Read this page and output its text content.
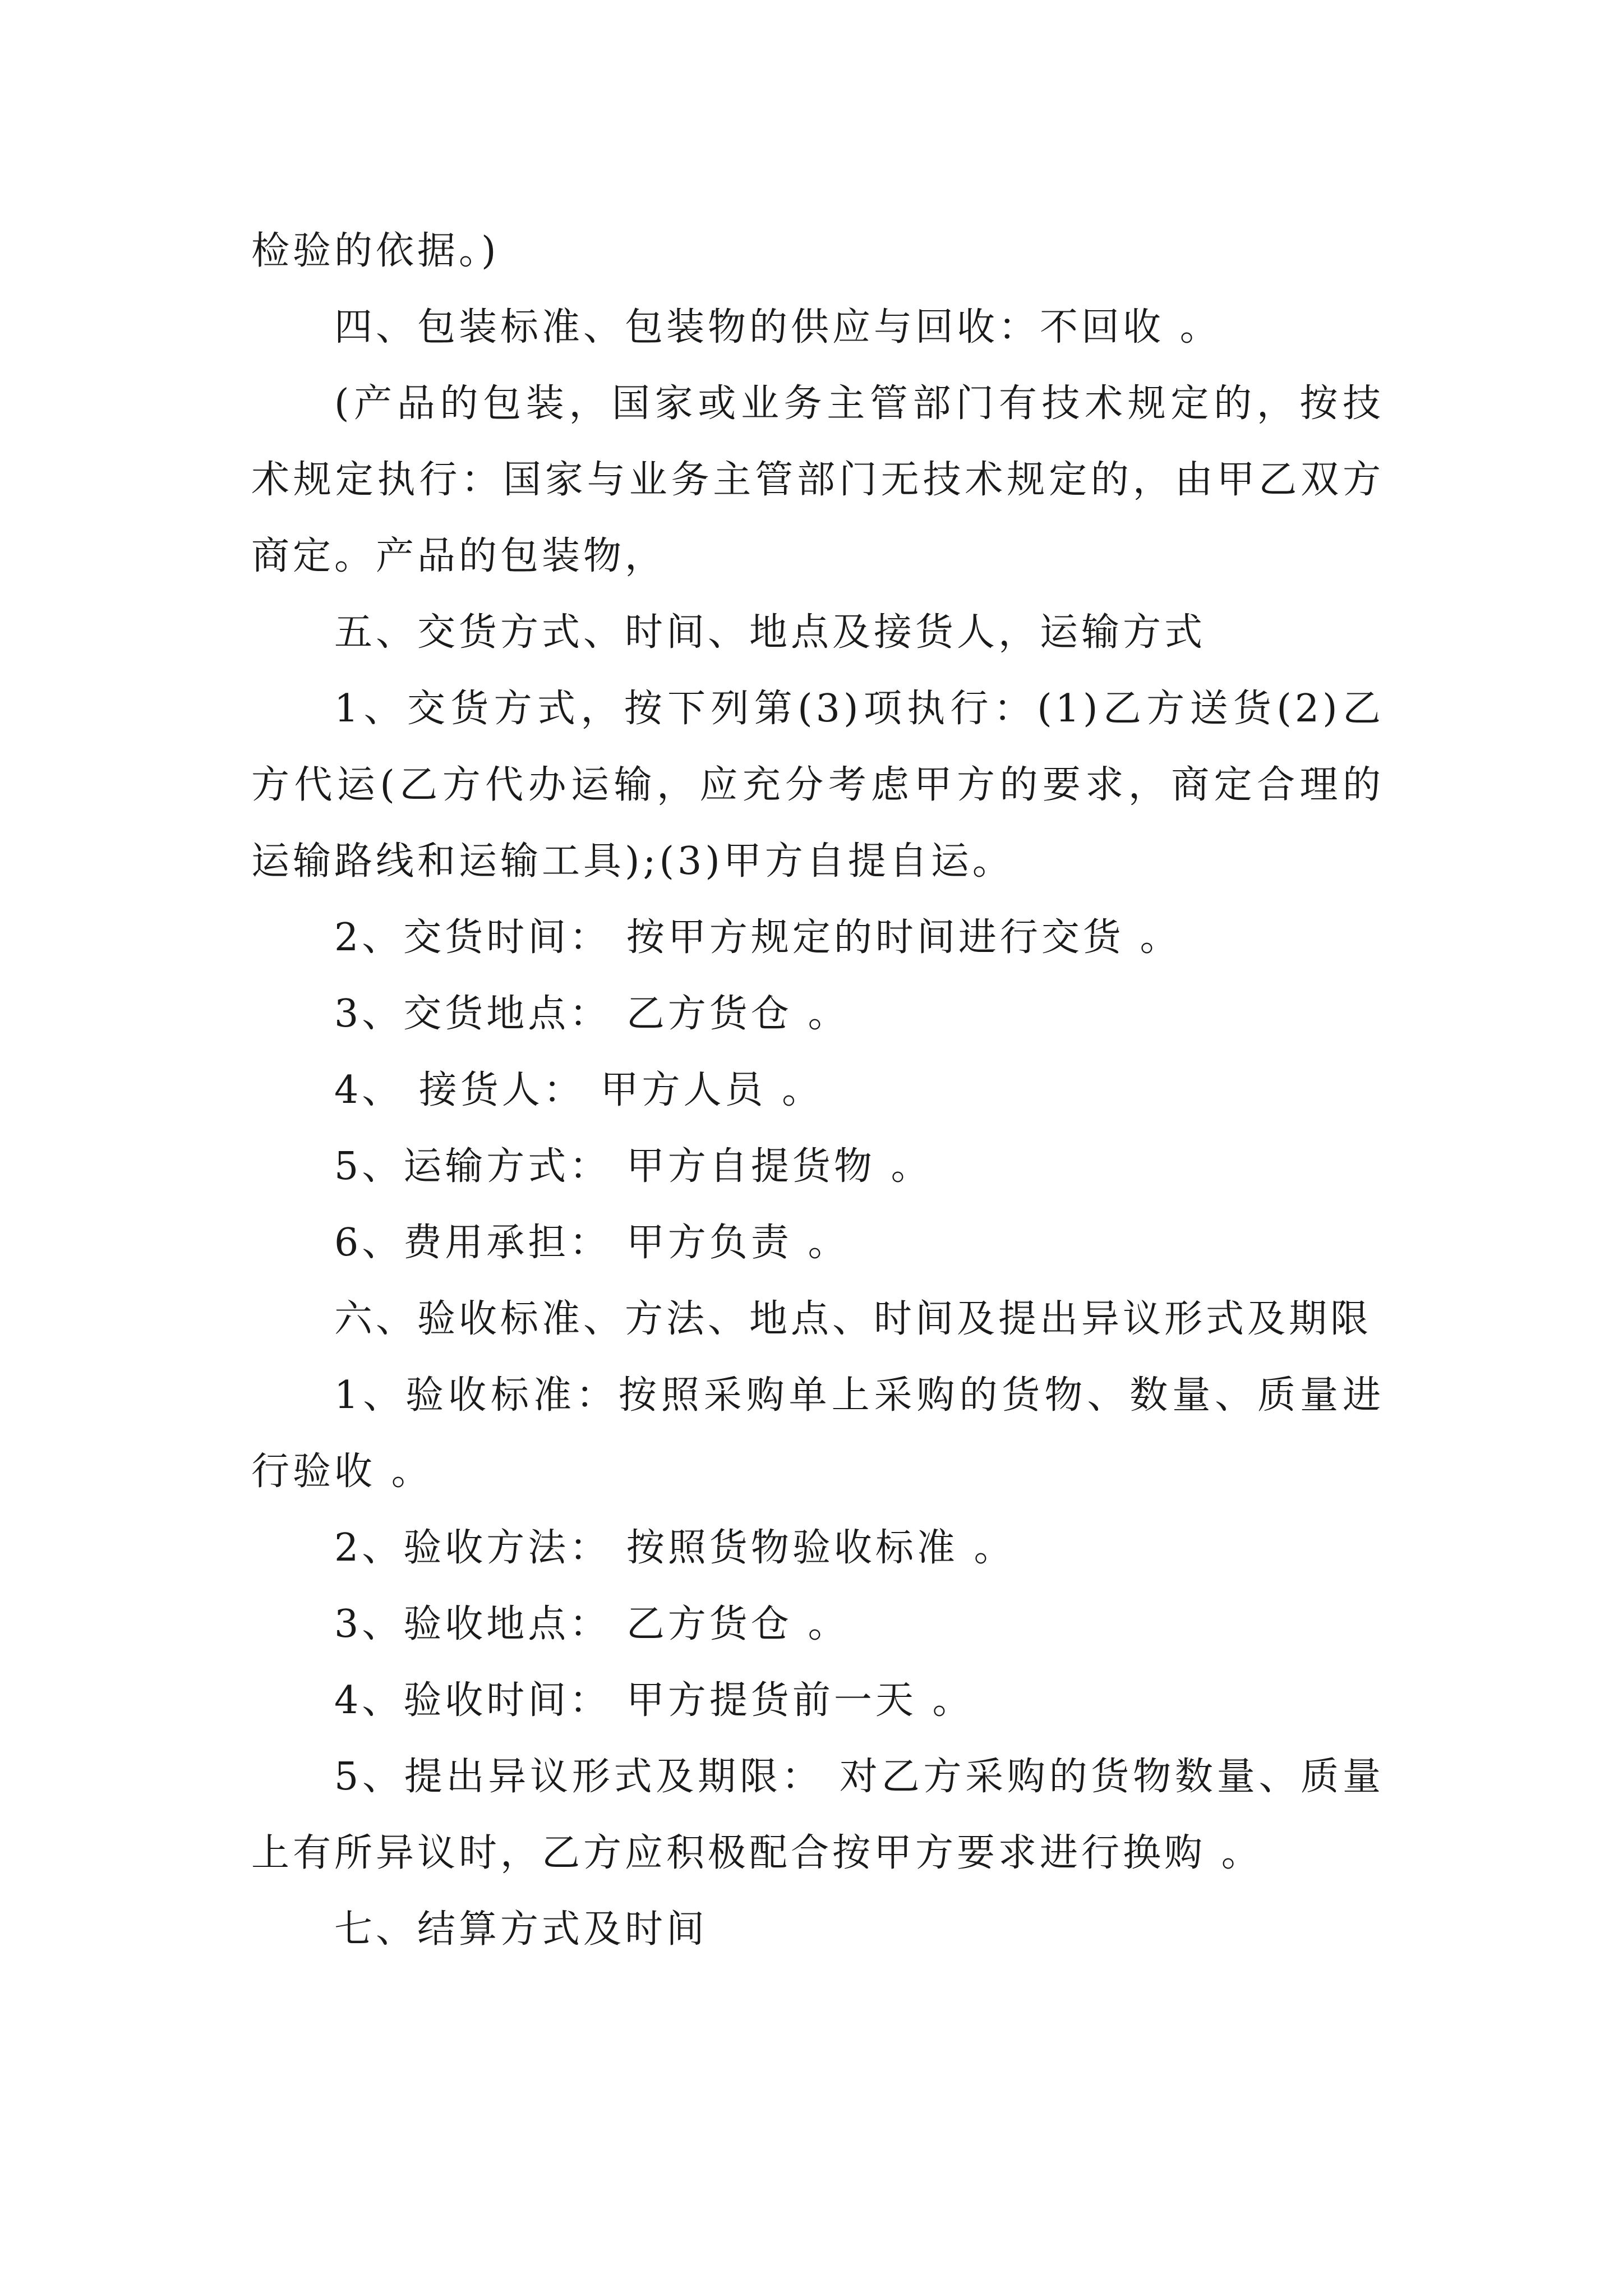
检验的依据。)

四、包装标准、包装物的供应与回收：不回收 。

(产品的包装，国家或业务主管部门有技术规定的，按技术规定执行：国家与业务主管部门无技术规定的，由甲乙双方商定。产品的包装物，

五、交货方式、时间、地点及接货人，运输方式

1、交货方式，按下列第(3)项执行：(1)乙方送货(2)乙方代运(乙方代办运输，应充分考虑甲方的要求，商定合理的运输路线和运输工具);(3)甲方自提自运。

2、交货时间： 按甲方规定的时间进行交货 。

3、交货地点： 乙方货仓 。

4、 接货人： 甲方人员 。

5、运输方式： 甲方自提货物 。

6、费用承担： 甲方负责 。

六、验收标准、方法、地点、时间及提出异议形式及期限

1、验收标准：按照采购单上采购的货物、数量、质量进行验收 。

2、验收方法： 按照货物验收标准 。

3、验收地点： 乙方货仓 。

4、验收时间： 甲方提货前一天 。

5、提出异议形式及期限： 对乙方采购的货物数量、质量上有所异议时，乙方应积极配合按甲方要求进行换购 。

七、结算方式及时间
